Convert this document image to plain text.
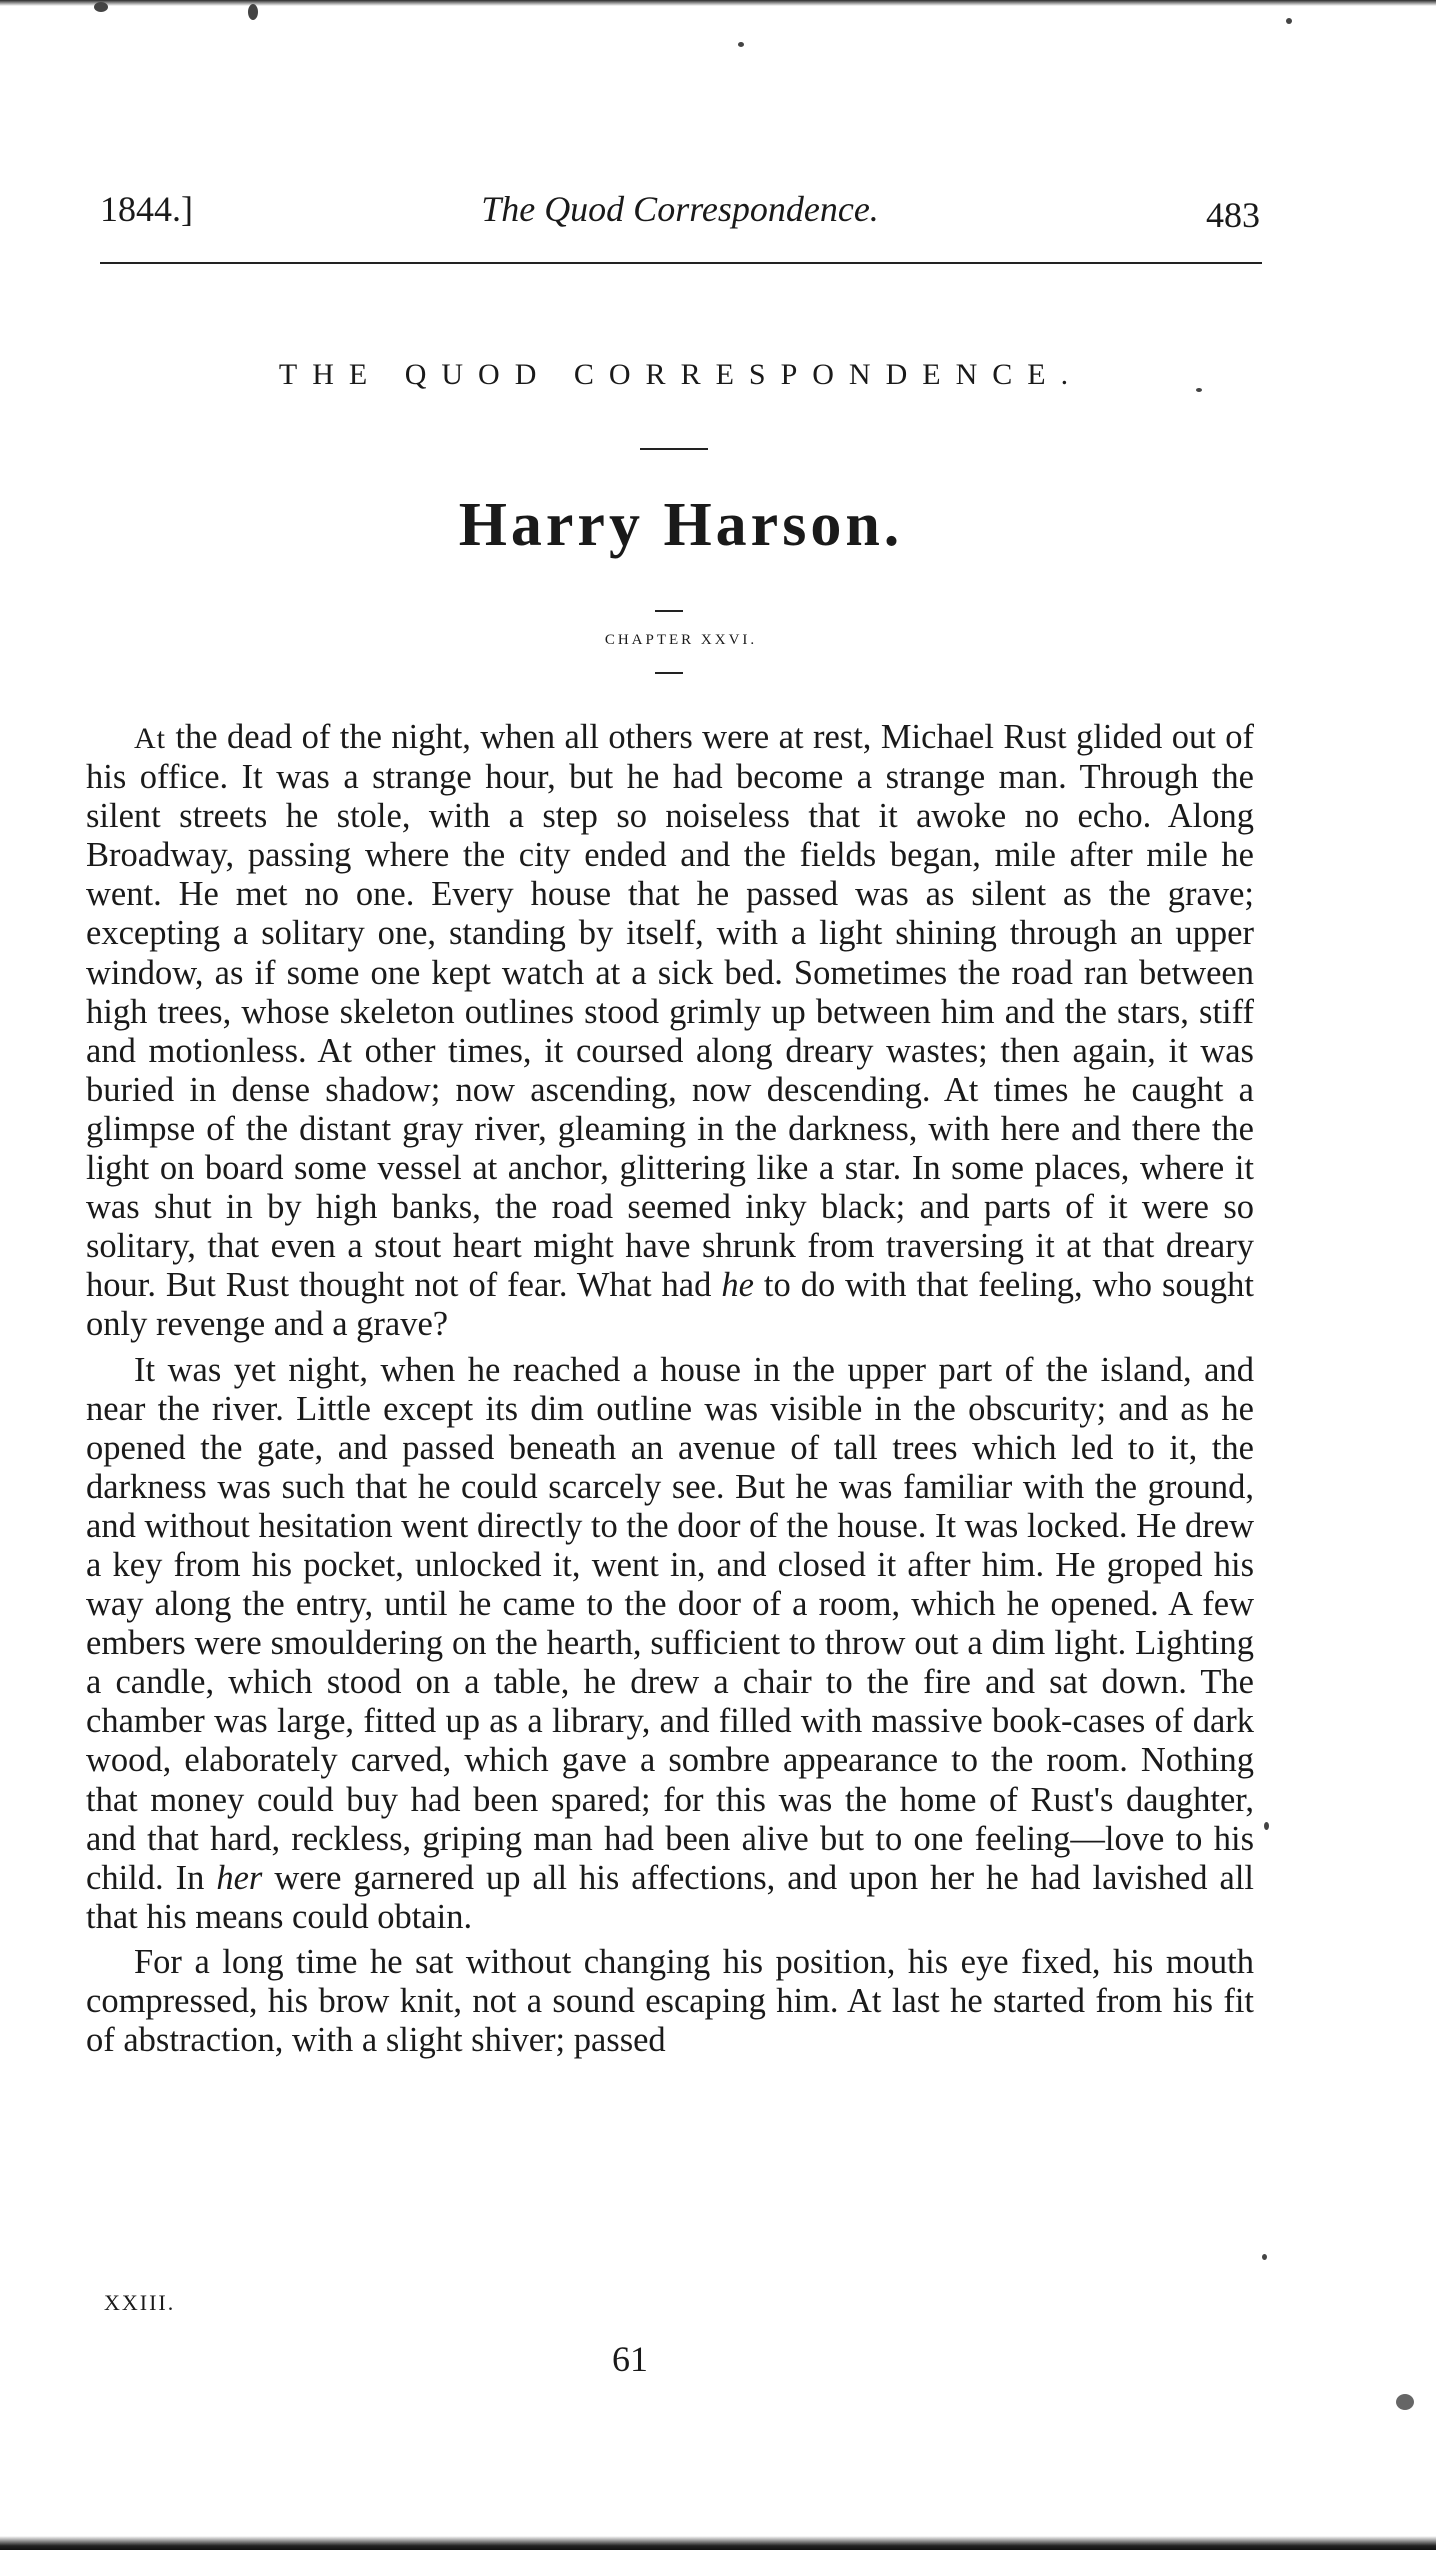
1844.]	The Quod Correspondence.	483
THE QUOD CORRESPONDENCE.
Harry Harson.
CHAPTER XXVI.

At the dead of the night, when all others were at rest, Michael Rust glided out of his office. It was a strange hour, but he had become a strange man. Through the silent streets he stole, with a step so noiseless that it awoke no echo. Along Broadway, passing where the city ended and the fields began, mile after mile he went. He met no one. Every house that he passed was as silent as the grave; excepting a solitary one, standing by itself, with a light shining through an upper window, as if some one kept watch at a sick bed. Sometimes the road ran between high trees, whose skeleton outlines stood grimly up between him and the stars, stiff and motionless. At other times, it coursed along dreary wastes; then again, it was buried in dense shadow; now ascending, now descending. At times he caught a glimpse of the distant gray river, gleaming in the darkness, with here and there the light on board some vessel at anchor, glittering like a star. In some places, where it was shut in by high banks, the road seemed inky black; and parts of it were so solitary, that even a stout heart might have shrunk from traversing it at that dreary hour. But Rust thought not of fear. What had he to do with that feeling, who sought only revenge and a grave?

It was yet night, when he reached a house in the upper part of the island, and near the river. Little except its dim outline was visible in the obscurity; and as he opened the gate, and passed beneath an avenue of tall trees which led to it, the darkness was such that he could scarcely see. But he was familiar with the ground, and without hesitation went directly to the door of the house. It was locked. He drew a key from his pocket, unlocked it, went in, and closed it after him. He groped his way along the entry, until he came to the door of a room, which he opened. A few embers were smouldering on the hearth, sufficient to throw out a dim light. Lighting a candle, which stood on a table, he drew a chair to the fire and sat down. The chamber was large, fitted up as a library, and filled with massive book-cases of dark wood, elaborately carved, which gave a sombre appearance to the room. Nothing that money could buy had been spared; for this was the home of Rust's daughter, and that hard, reckless, griping man had been alive but to one feeling—love to his child. In her were garnered up all his affections, and upon her he had lavished all that his means could obtain.

For a long time he sat without changing his position, his eye fixed, his mouth compressed, his brow knit, not a sound escaping him. At last he started from his fit of abstraction, with a slight shiver; passed

XXIII.
61
